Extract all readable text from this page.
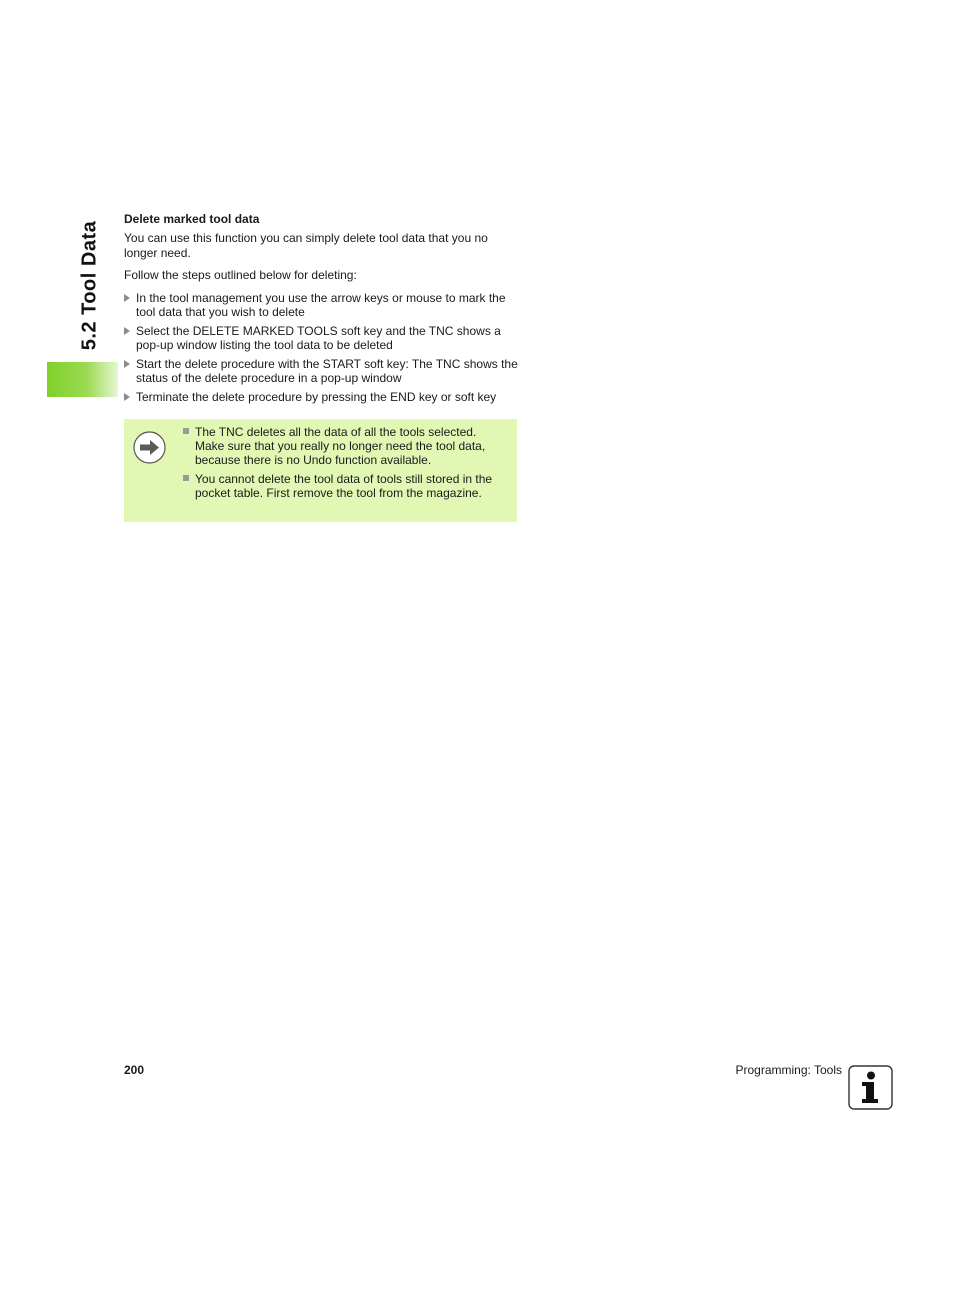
5.2 Tool Data
Delete marked tool data

You can use this function you can simply delete tool data that you no longer need.

Follow the steps outlined below for deleting:

In the tool management you use the arrow keys or mouse to mark the tool data that you wish to delete
Select the DELETE MARKED TOOLS soft key and the TNC shows a pop-up window listing the tool data to be deleted
Start the delete procedure with the START soft key: The TNC shows the status of the delete procedure in a pop-up window
Terminate the delete procedure by pressing the END key or soft key
The TNC deletes all the data of all the tools selected. Make sure that you really no longer need the tool data, because there is no Undo function available.
You cannot delete the tool data of tools still stored in the pocket table. First remove the tool from the magazine.
200	Programming: Tools
